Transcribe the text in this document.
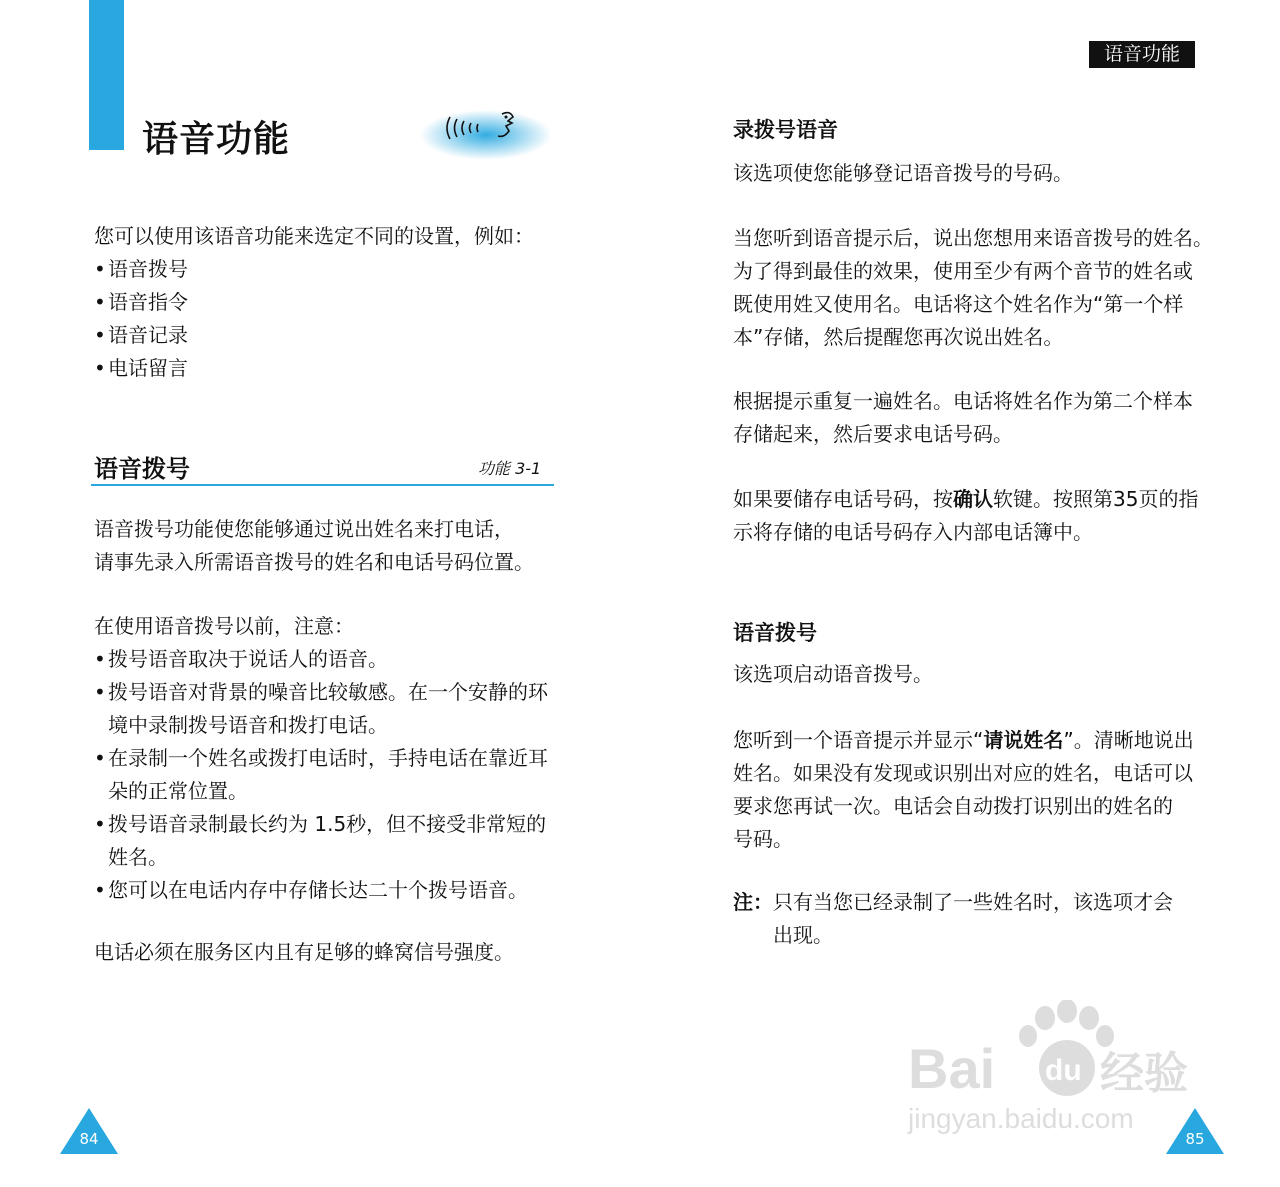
语音功能
您可以使用该语音功能来选定不同的设置，例如：
• 语音拨号
• 语音指令
• 语音记录
• 电话留言
语音拨号	功能 3-1
语音拨号功能使您能够通过说出姓名来打电话，
请事先录入所需语音拨号的姓名和电话号码位置。
在使用语音拨号以前，注意：
• 拨号语音取决于说话人的语音。
• 拨号语音对背景的噪音比较敏感。在一个安静的环
境中录制拨号语音和拨打电话。
• 在录制一个姓名或拨打电话时，手持电话在靠近耳
朵的正常位置。
• 拨号语音录制最长约为 1.5秒，但不接受非常短的
姓名。
• 您可以在电话内存中存储长达二十个拨号语音。
电话必须在服务区内且有足够的蜂窝信号强度。
84
语音功能
录拨号语音
该选项使您能够登记语音拨号的号码。
当您听到语音提示后，说出您想用来语音拨号的姓名。
为了得到最佳的效果，使用至少有两个音节的姓名或
既使用姓又使用名。电话将这个姓名作为“第一个样
本”存储，然后提醒您再次说出姓名。
根据提示重复一遍姓名。电话将姓名作为第二个样本
存储起来，然后要求电话号码。
如果要储存电话号码，按确认软键。按照第35页的指
示将存储的电话号码存入内部电话簿中。
语音拨号
该选项启动语音拨号。
您听到一个语音提示并显示“请说姓名”。清晰地说出
姓名。如果没有发现或识别出对应的姓名，电话可以
要求您再试一次。电话会自动拨打识别出的姓名的
号码。
注： 只有当您已经录制了一些姓名时，该选项才会
出现。
Bai du 经验
jingyan.baidu.com
85
